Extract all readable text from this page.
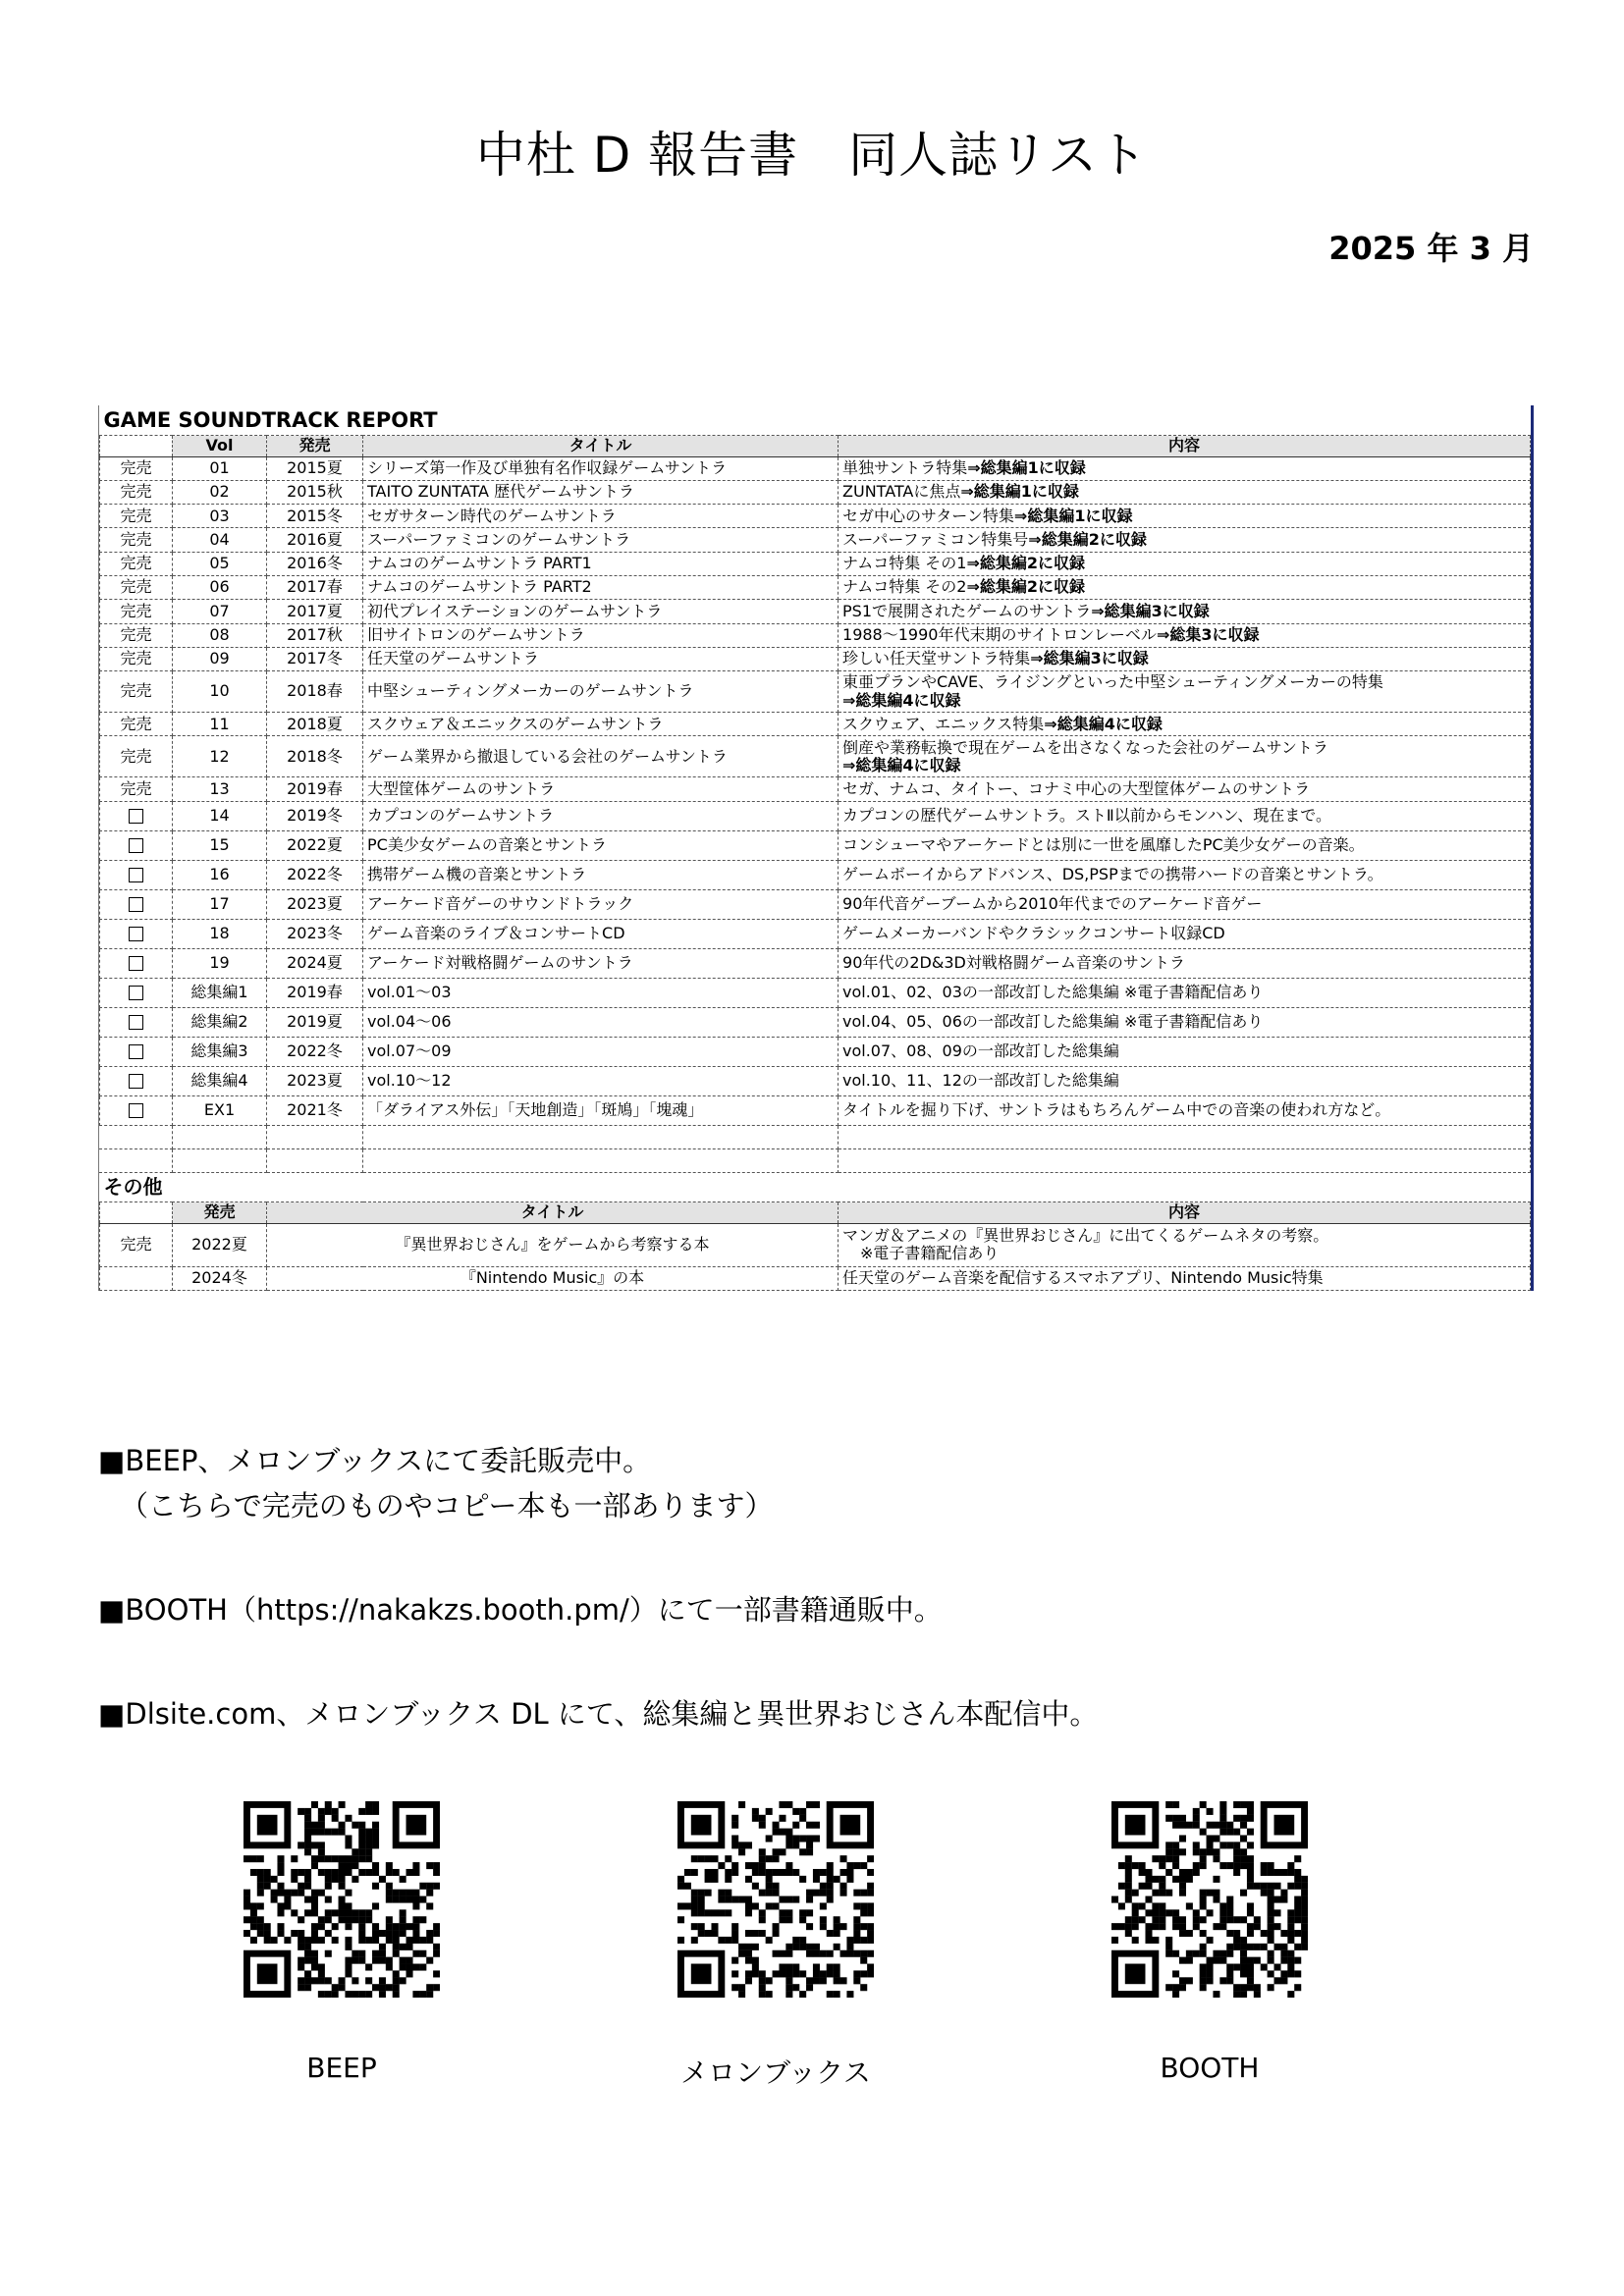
中杜 D 報告書　同人誌リスト
2025 年 3 月
GAME SOUNDTRACK REPORT				
	Vol	発売	タイトル	内容
完売	01	2015夏	シリーズ第一作及び単独有名作収録ゲームサントラ	単独サントラ特集⇒総集編1に収録

完売	02	2015秋	TAITO ZUNTATA 歴代ゲームサントラ	ZUNTATAに焦点⇒総集編1に収録

完売	03	2015冬	セガサターン時代のゲームサントラ	セガ中心のサターン特集⇒総集編1に収録

完売	04	2016夏	スーパーファミコンのゲームサントラ	スーパーファミコン特集号⇒総集編2に収録

完売	05	2016冬	ナムコのゲームサントラ PART1	ナムコ特集 その1⇒総集編2に収録

完売	06	2017春	ナムコのゲームサントラ PART2	ナムコ特集 その2⇒総集編2に収録

完売	07	2017夏	初代プレイステーションのゲームサントラ	PS1で展開されたゲームのサントラ⇒総集編3に収録

完売	08	2017秋	旧サイトロンのゲームサントラ	1988～1990年代末期のサイトロンレーベル⇒総集3に収録

完売	09	2017冬	任天堂のゲームサントラ	珍しい任天堂サントラ特集⇒総集編3に収録

完売	10	2018春	中堅シューティングメーカーのゲームサントラ	東亜プランやCAVE、ライジングといった中堅シューティングメーカーの特集
⇒総集編4に収録

完売	11	2018夏	スクウェア＆エニックスのゲームサントラ	スクウェア、エニックス特集⇒総集編4に収録

完売	12	2018冬	ゲーム業界から撤退している会社のゲームサントラ	倒産や業務転換で現在ゲームを出さなくなった会社のゲームサントラ
⇒総集編4に収録

完売	13	2019春	大型筐体ゲームのサントラ	セガ、ナムコ、タイトー、コナミ中心の大型筐体ゲームのサントラ

	14	2019冬	カプコンのゲームサントラ	カプコンの歴代ゲームサントラ。ストⅡ以前からモンハン、現在まで。

	15	2022夏	PC美少女ゲームの音楽とサントラ	コンシューマやアーケードとは別に一世を風靡したPC美少女ゲーの音楽。

	16	2022冬	携帯ゲーム機の音楽とサントラ	ゲームボーイからアドバンス、DS,PSPまでの携帯ハードの音楽とサントラ。

	17	2023夏	アーケード音ゲーのサウンドトラック	90年代音ゲーブームから2010年代までのアーケード音ゲー

	18	2023冬	ゲーム音楽のライブ＆コンサートCD	ゲームメーカーバンドやクラシックコンサート収録CD

	19	2024夏	アーケード対戦格闘ゲームのサントラ	90年代の2D&3D対戦格闘ゲーム音楽のサントラ

	総集編1	2019春	vol.01～03	vol.01、02、03の一部改訂した総集編 ※電子書籍配信あり

	総集編2	2019夏	vol.04～06	vol.04、05、06の一部改訂した総集編 ※電子書籍配信あり

	総集編3	2022冬	vol.07～09	vol.07、08、09の一部改訂した総集編

	総集編4	2023夏	vol.10～12	vol.10、11、12の一部改訂した総集編

	EX1	2021冬	「ダライアス外伝」「天地創造」「斑鳩」「塊魂」	タイトルを掘り下げ、サントラはもちろんゲーム中での音楽の使われ方など。

その他				
	発売	タイトル		内容
完売	2022夏	『異世界おじさん』をゲームから考察する本		マンガ＆アニメの『異世界おじさん』に出てくるゲームネタの考察。
※電子書籍配信あり

	2024冬	『Nintendo Music』の本		任天堂のゲーム音楽を配信するスマホアプリ、Nintendo Music特集
■BEEP、メロンブックスにて委託販売中。
（こちらで完売のものやコピー本も一部あります）
■BOOTH（https://nakakzs.booth.pm/）にて一部書籍通販中。
■Dlsite.com、メロンブックス DL にて、総集編と異世界おじさん本配信中。
BEEP	メロンブックス	BOOTH
